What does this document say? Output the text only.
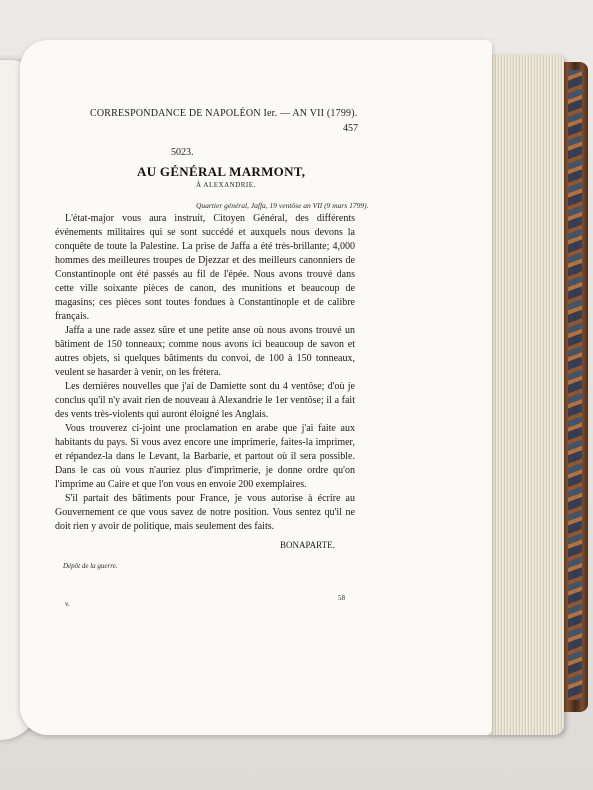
CORRESPONDANCE DE NAPOLÉON Ier. — AN VII (1799).
457
5023.
AU GÉNÉRAL MARMONT,
À ALEXANDRIE.
Quartier général, Jaffa, 19 ventôse an VII (9 mars 1799).

L'état-major vous aura instruit, Citoyen Général, des différents événements militaires qui se sont succédé et auxquels nous devons la conquête de toute la Palestine. La prise de Jaffa a été très-brillante; 4,000 hommes des meilleures troupes de Djezzar et des meilleurs canonniers de Constantinople ont été passés au fil de l'épée. Nous avons trouvé dans cette ville soixante pièces de canon, des munitions et beaucoup de magasins; ces pièces sont toutes fondues à Constantinople et de calibre français.

Jaffa a une rade assez sûre et une petite anse où nous avons trouvé un bâtiment de 150 tonneaux; comme nous avons ici beaucoup de savon et autres objets, si quelques bâtiments du convoi, de 100 à 150 tonneaux, veulent se hasarder à venir, on les frétera.

Les dernières nouvelles que j'ai de Damiette sont du 4 ventôse; d'où je conclus qu'il n'y avait rien de nouveau à Alexandrie le 1er ventôse; il a fait des vents très-violents qui auront éloigné les Anglais.

Vous trouverez ci-joint une proclamation en arabe que j'ai faite aux habitants du pays. Si vous avez encore une imprimerie, faites-la imprimer, et répandez-la dans le Levant, la Barbarie, et partout où il sera possible. Dans le cas où vous n'auriez plus d'imprimerie, je donne ordre qu'on l'imprime au Caire et que l'on vous en envoie 200 exemplaires.

S'il partait des bâtiments pour France, je vous autorise à écrire au Gouvernement ce que vous savez de notre position. Vous sentez qu'il ne doit rien y avoir de politique, mais seulement des faits.

BONAPARTE.
Dépôt de la guerre.
v.
58
